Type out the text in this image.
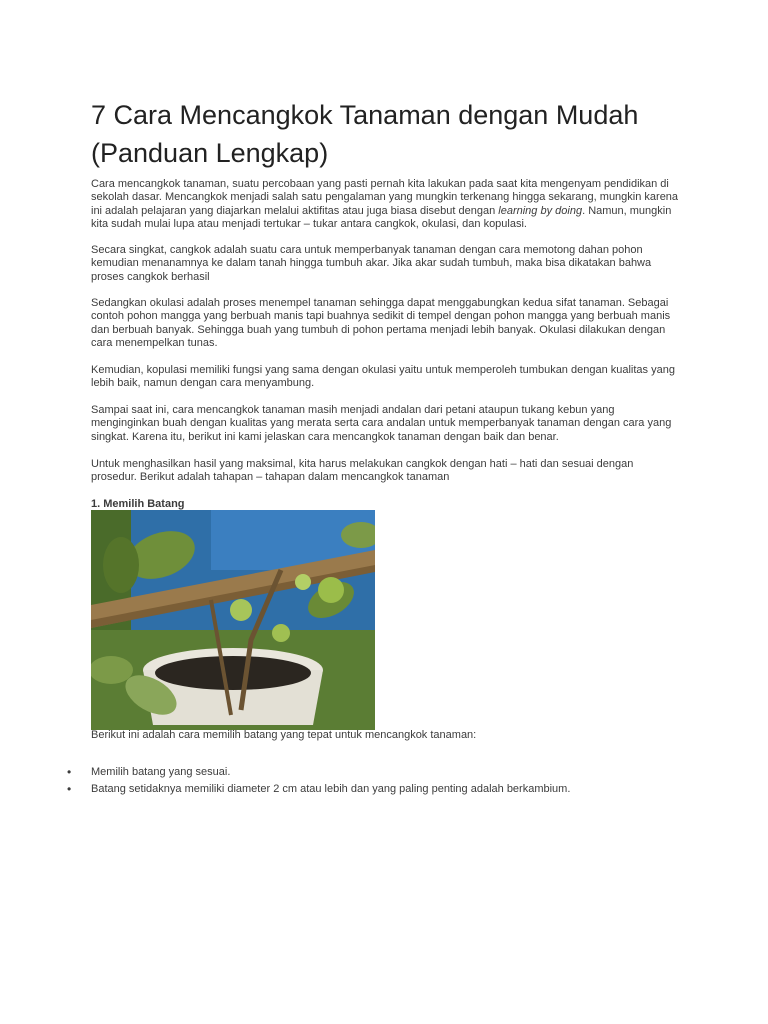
7 Cara Mencangkok Tanaman dengan Mudah (Panduan Lengkap)

Cara mencangkok tanaman, suatu percobaan yang pasti pernah kita lakukan pada saat kita mengenyam pendidikan di sekolah dasar. Mencangkok menjadi salah satu pengalaman yang mungkin terkenang hingga sekarang, mungkin karena ini adalah pelajaran yang diajarkan melalui aktifitas atau juga biasa disebut dengan learning by doing. Namun, mungkin kita sudah mulai lupa atau menjadi tertukar – tukar antara cangkok, okulasi, dan kopulasi.

Secara singkat, cangkok adalah suatu cara untuk memperbanyak tanaman dengan cara memotong dahan pohon kemudian menanamnya ke dalam tanah hingga tumbuh akar. Jika akar sudah tumbuh, maka bisa dikatakan bahwa proses cangkok berhasil

Sedangkan okulasi adalah proses menempel tanaman sehingga dapat menggabungkan kedua sifat tanaman. Sebagai contoh pohon mangga yang berbuah manis tapi buahnya sedikit di tempel dengan pohon mangga yang berbuah manis dan berbuah banyak. Sehingga buah yang tumbuh di pohon pertama menjadi lebih banyak. Okulasi dilakukan dengan cara menempelkan tunas.

Kemudian, kopulasi memiliki fungsi yang sama dengan okulasi yaitu untuk memperoleh tumbukan dengan kualitas yang lebih baik, namun dengan cara menyambung.

Sampai saat ini, cara mencangkok tanaman masih menjadi andalan dari petani ataupun tukang kebun yang menginginkan buah dengan kualitas yang merata serta cara andalan untuk memperbanyak tanaman dengan cara yang singkat. Karena itu, berikut ini kami jelaskan cara mencangkok tanaman dengan baik dan benar.

Untuk menghasilkan hasil yang maksimal, kita harus melakukan cangkok dengan hati – hati dan sesuai dengan prosedur. Berikut adalah tahapan – tahapan dalam mencangkok tanaman

1. Memilih Batang

Berikut ini adalah cara memilih batang yang tepat untuk mencangkok tanaman:

• Memilih batang yang sesuai.
• Batang setidaknya memiliki diameter 2 cm atau lebih dan yang paling penting adalah berkambium.
